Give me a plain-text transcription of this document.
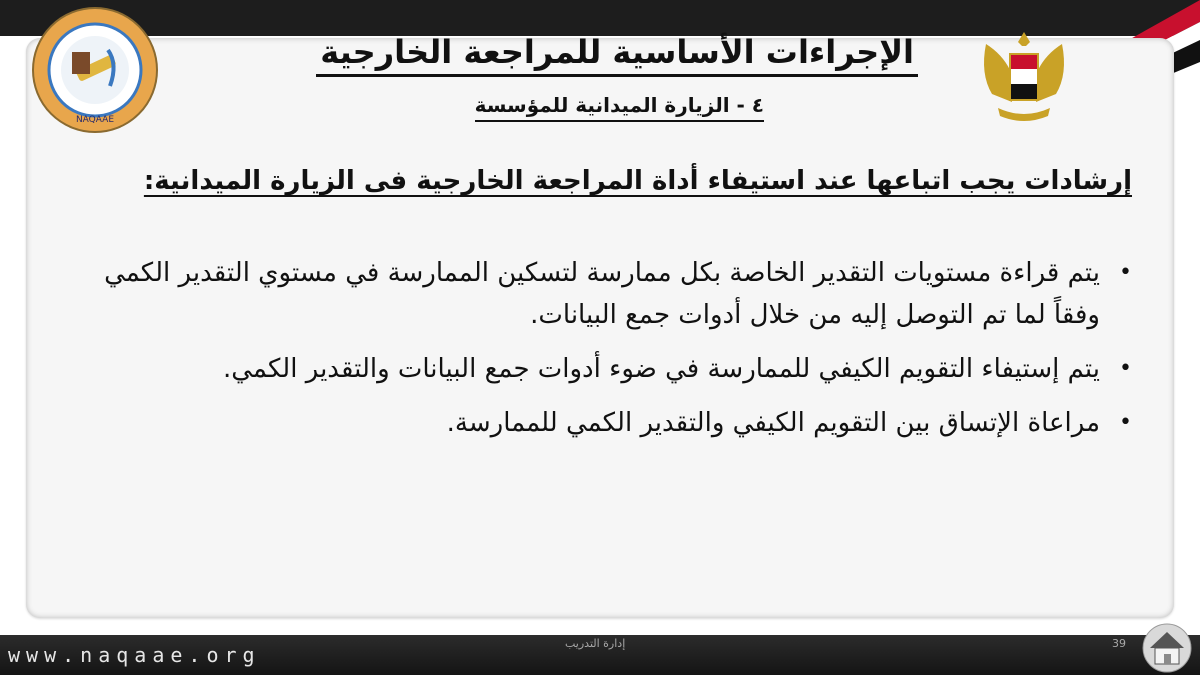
NAQAAE
الإجراءات الأساسية للمراجعة الخارجية
٤ - الزيارة الميدانية للمؤسسة
إرشادات يجب اتباعها عند استيفاء أداة المراجعة الخارجية فى الزيارة الميدانية:
•
يتم قراءة مستويات التقدير الخاصة بكل ممارسة لتسكين الممارسة في مستوي التقدير الكمي وفقاً لما تم التوصل إليه من خلال أدوات جمع البيانات.
•
يتم إستيفاء التقويم الكيفي للممارسة في ضوء أدوات جمع البيانات والتقدير الكمي.
•
مراعاة الإتساق بين التقويم الكيفي والتقدير الكمي للممارسة.
www.naqaae.org	إدارة التدريب	39
